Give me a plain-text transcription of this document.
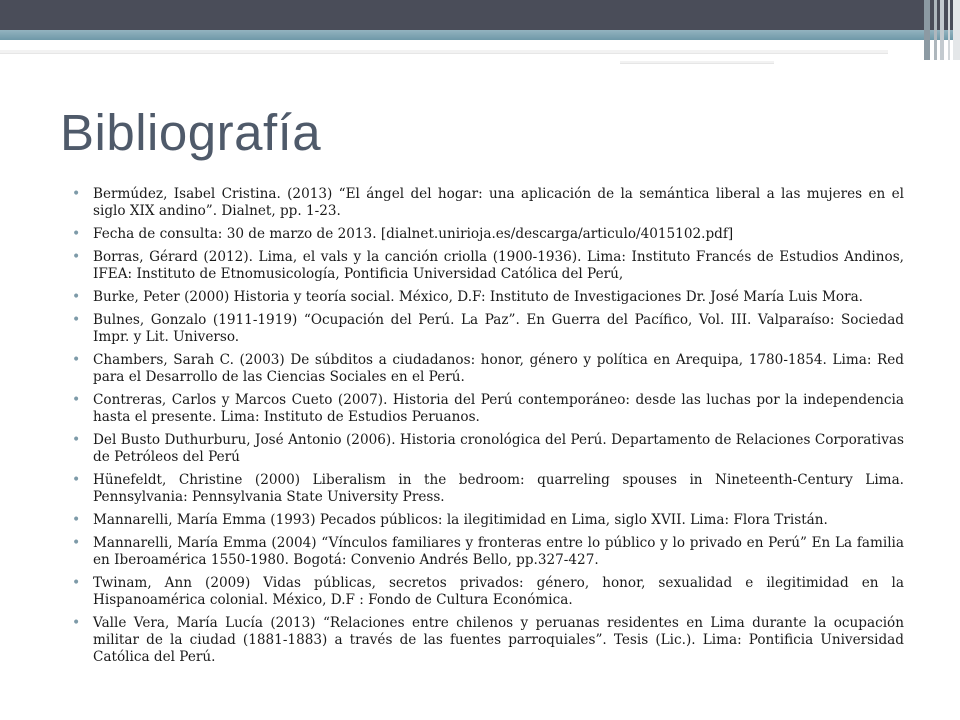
Bibliografía
• Bermúdez, Isabel Cristina. (2013) “El ángel del hogar: una aplicación de la semántica liberal a las mujeres en el siglo XIX andino”. Dialnet, pp. 1-23.
• Fecha de consulta: 30 de marzo de 2013. [dialnet.unirioja.es/descarga/articulo/4015102.pdf]
• Borras, Gérard (2012). Lima, el vals y la canción criolla (1900-1936). Lima: Instituto Francés de Estudios Andinos, IFEA: Instituto de Etnomusicología, Pontificia Universidad Católica del Perú,
• Burke, Peter (2000) Historia y teoría social. México, D.F: Instituto de Investigaciones Dr. José María Luis Mora.
• Bulnes, Gonzalo (1911-1919) “Ocupación del Perú. La Paz”. En Guerra del Pacífico, Vol. III. Valparaíso: Sociedad Impr. y Lit. Universo.
• Chambers, Sarah C. (2003) De súbditos a ciudadanos: honor, género y política en Arequipa, 1780-1854. Lima: Red para el Desarrollo de las Ciencias Sociales en el Perú.
• Contreras, Carlos y Marcos Cueto (2007). Historia del Perú contemporáneo: desde las luchas por la independencia hasta el presente. Lima: Instituto de Estudios Peruanos.
• Del Busto Duthurburu, José Antonio (2006). Historia cronológica del Perú. Departamento de Relaciones Corporativas de Petróleos del Perú
• Hünefeldt, Christine (2000) Liberalism in the bedroom: quarreling spouses in Nineteenth-Century Lima. Pennsylvania: Pennsylvania State University Press.
• Mannarelli, María Emma (1993) Pecados públicos: la ilegitimidad en Lima, siglo XVII. Lima: Flora Tristán.
• Mannarelli, María Emma (2004) “Vínculos familiares y fronteras entre lo público y lo privado en Perú” En La familia en Iberoamérica 1550-1980. Bogotá: Convenio Andrés Bello, pp.327-427.
• Twinam, Ann (2009) Vidas públicas, secretos privados: género, honor, sexualidad e ilegitimidad en la Hispanoamérica colonial. México, D.F : Fondo de Cultura Económica.
• Valle Vera, María Lucía (2013) “Relaciones entre chilenos y peruanas residentes en Lima durante la ocupación militar de la ciudad (1881-1883) a través de las fuentes parroquiales”. Tesis (Lic.). Lima: Pontificia Universidad Católica del Perú.
